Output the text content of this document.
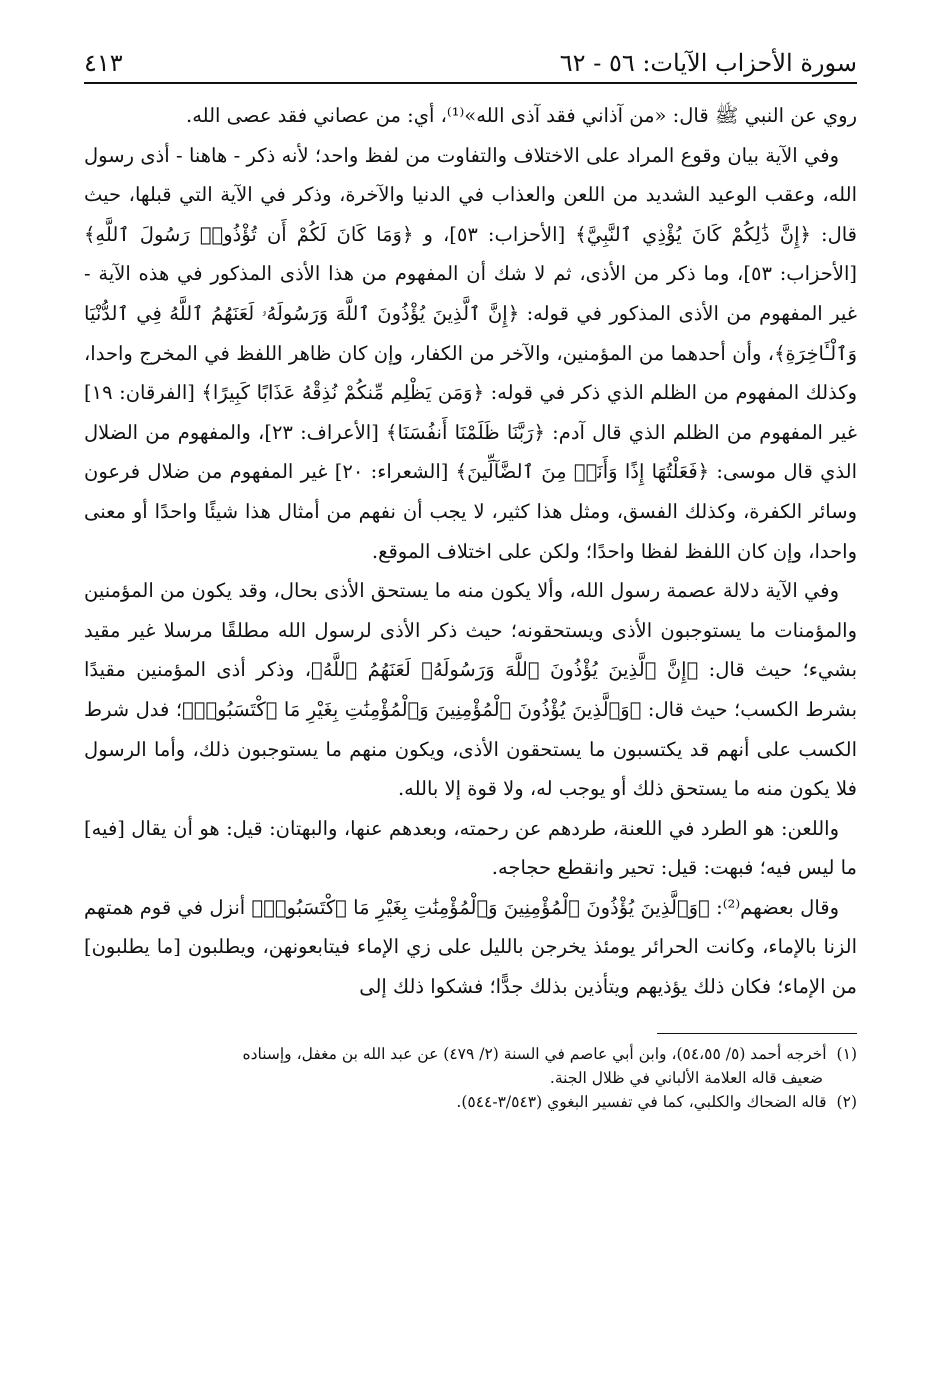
سورة الأحزاب الآيات: ٥٦ - ٦٢
٤١٣

روي عن النبي ﷺ قال: «من آذاني فقد آذى الله»⁽¹⁾، أي: من عصاني فقد عصى الله.

وفي الآية بيان وقوع المراد على الاختلاف والتفاوت من لفظ واحد؛ لأنه ذكر - هاهنا - أذى رسول الله، وعقب الوعيد الشديد من اللعن والعذاب في الدنيا والآخرة، وذكر في الآية التي قبلها، حيث قال: ﴿إِنَّ ذَٰلِكُمْ كَانَ يُؤْذِي ٱلنَّبِيَّ﴾ [الأحزاب: ٥٣]، و ﴿وَمَا كَانَ لَكُمْ أَن تُؤْذُوا۟ رَسُولَ ٱللَّهِ﴾ [الأحزاب: ٥٣]، وما ذكر من الأذى، ثم لا شك أن المفهوم من هذا الأذى المذكور في هذه الآية - غير المفهوم من الأذى المذكور في قوله: ﴿إِنَّ ٱلَّذِينَ يُؤْذُونَ ٱللَّهَ وَرَسُولَهُۥ لَعَنَهُمُ ٱللَّهُ فِي ٱلدُّنْيَا وَٱلْـَٔاخِرَةِ﴾، وأن أحدهما من المؤمنين، والآخر من الكفار، وإن كان ظاهر اللفظ في المخرج واحدا، وكذلك المفهوم من الظلم الذي ذكر في قوله: ﴿وَمَن يَظْلِم مِّنكُمْ نُذِقْهُ عَذَابًا كَبِيرًا﴾ [الفرقان: ١٩] غير المفهوم من الظلم الذي قال آدم: ﴿رَبَّنَا ظَلَمْنَا أَنفُسَنَا﴾ [الأعراف: ٢٣]، والمفهوم من الضلال الذي قال موسى: ﴿فَعَلْتُهَا إِذًا وَأَنَا۠ مِنَ ٱلضَّآلِّينَ﴾ [الشعراء: ٢٠] غير المفهوم من ضلال فرعون وسائر الكفرة، وكذلك الفسق، ومثل هذا كثير، لا يجب أن نفهم من أمثال هذا شيئًا واحدًا أو معنى واحدا، وإن كان اللفظ لفظا واحدًا؛ ولكن على اختلاف الموقع.

وفي الآية دلالة عصمة رسول الله، وألا يكون منه ما يستحق الأذى بحال، وقد يكون من المؤمنين والمؤمنات ما يستوجبون الأذى ويستحقونه؛ حيث ذكر الأذى لرسول الله مطلقًا مرسلا غير مقيد بشيء؛ حيث قال: ﴿إِنَّ ٱلَّذِينَ يُؤْذُونَ ٱللَّهَ وَرَسُولَهُۥ لَعَنَهُمُ ٱللَّهُ﴾، وذكر أذى المؤمنين مقيدًا بشرط الكسب؛ حيث قال: ﴿وَٱلَّذِينَ يُؤْذُونَ ٱلْمُؤْمِنِينَ وَٱلْمُؤْمِنَٰتِ بِغَيْرِ مَا ٱكْتَسَبُوا۟﴾؛ فدل شرط الكسب على أنهم قد يكتسبون ما يستحقون الأذى، ويكون منهم ما يستوجبون ذلك، وأما الرسول فلا يكون منه ما يستحق ذلك أو يوجب له، ولا قوة إلا بالله.

واللعن: هو الطرد في اللعنة، طردهم عن رحمته، وبعدهم عنها، والبهتان: قيل: هو أن يقال [فيه] ما ليس فيه؛ فبهت: قيل: تحير وانقطع حجاجه.

وقال بعضهم⁽²⁾: ﴿وَٱلَّذِينَ يُؤْذُونَ ٱلْمُؤْمِنِينَ وَٱلْمُؤْمِنَٰتِ بِغَيْرِ مَا ٱكْتَسَبُوا۟﴾ أنزل في قوم همتهم الزنا بالإماء، وكانت الحرائر يومئذ يخرجن بالليل على زي الإماء فيتابعونهن، ويطلبون [ما يطلبون] من الإماء؛ فكان ذلك يؤذيهم ويتأذين بذلك جدًّا؛ فشكوا ذلك إلى

(١)أخرجه أحمد (٥/ ٥٤،٥٥)، وابن أبي عاصم في السنة (٢/ ٤٧٩) عن عبد الله بن مغفل، وإسناده

ضعيف قاله العلامة الألباني في ظلال الجنة.

(٢)قاله الضحاك والكلبي، كما في تفسير البغوي (٣/٥٤٣-٥٤٤).
